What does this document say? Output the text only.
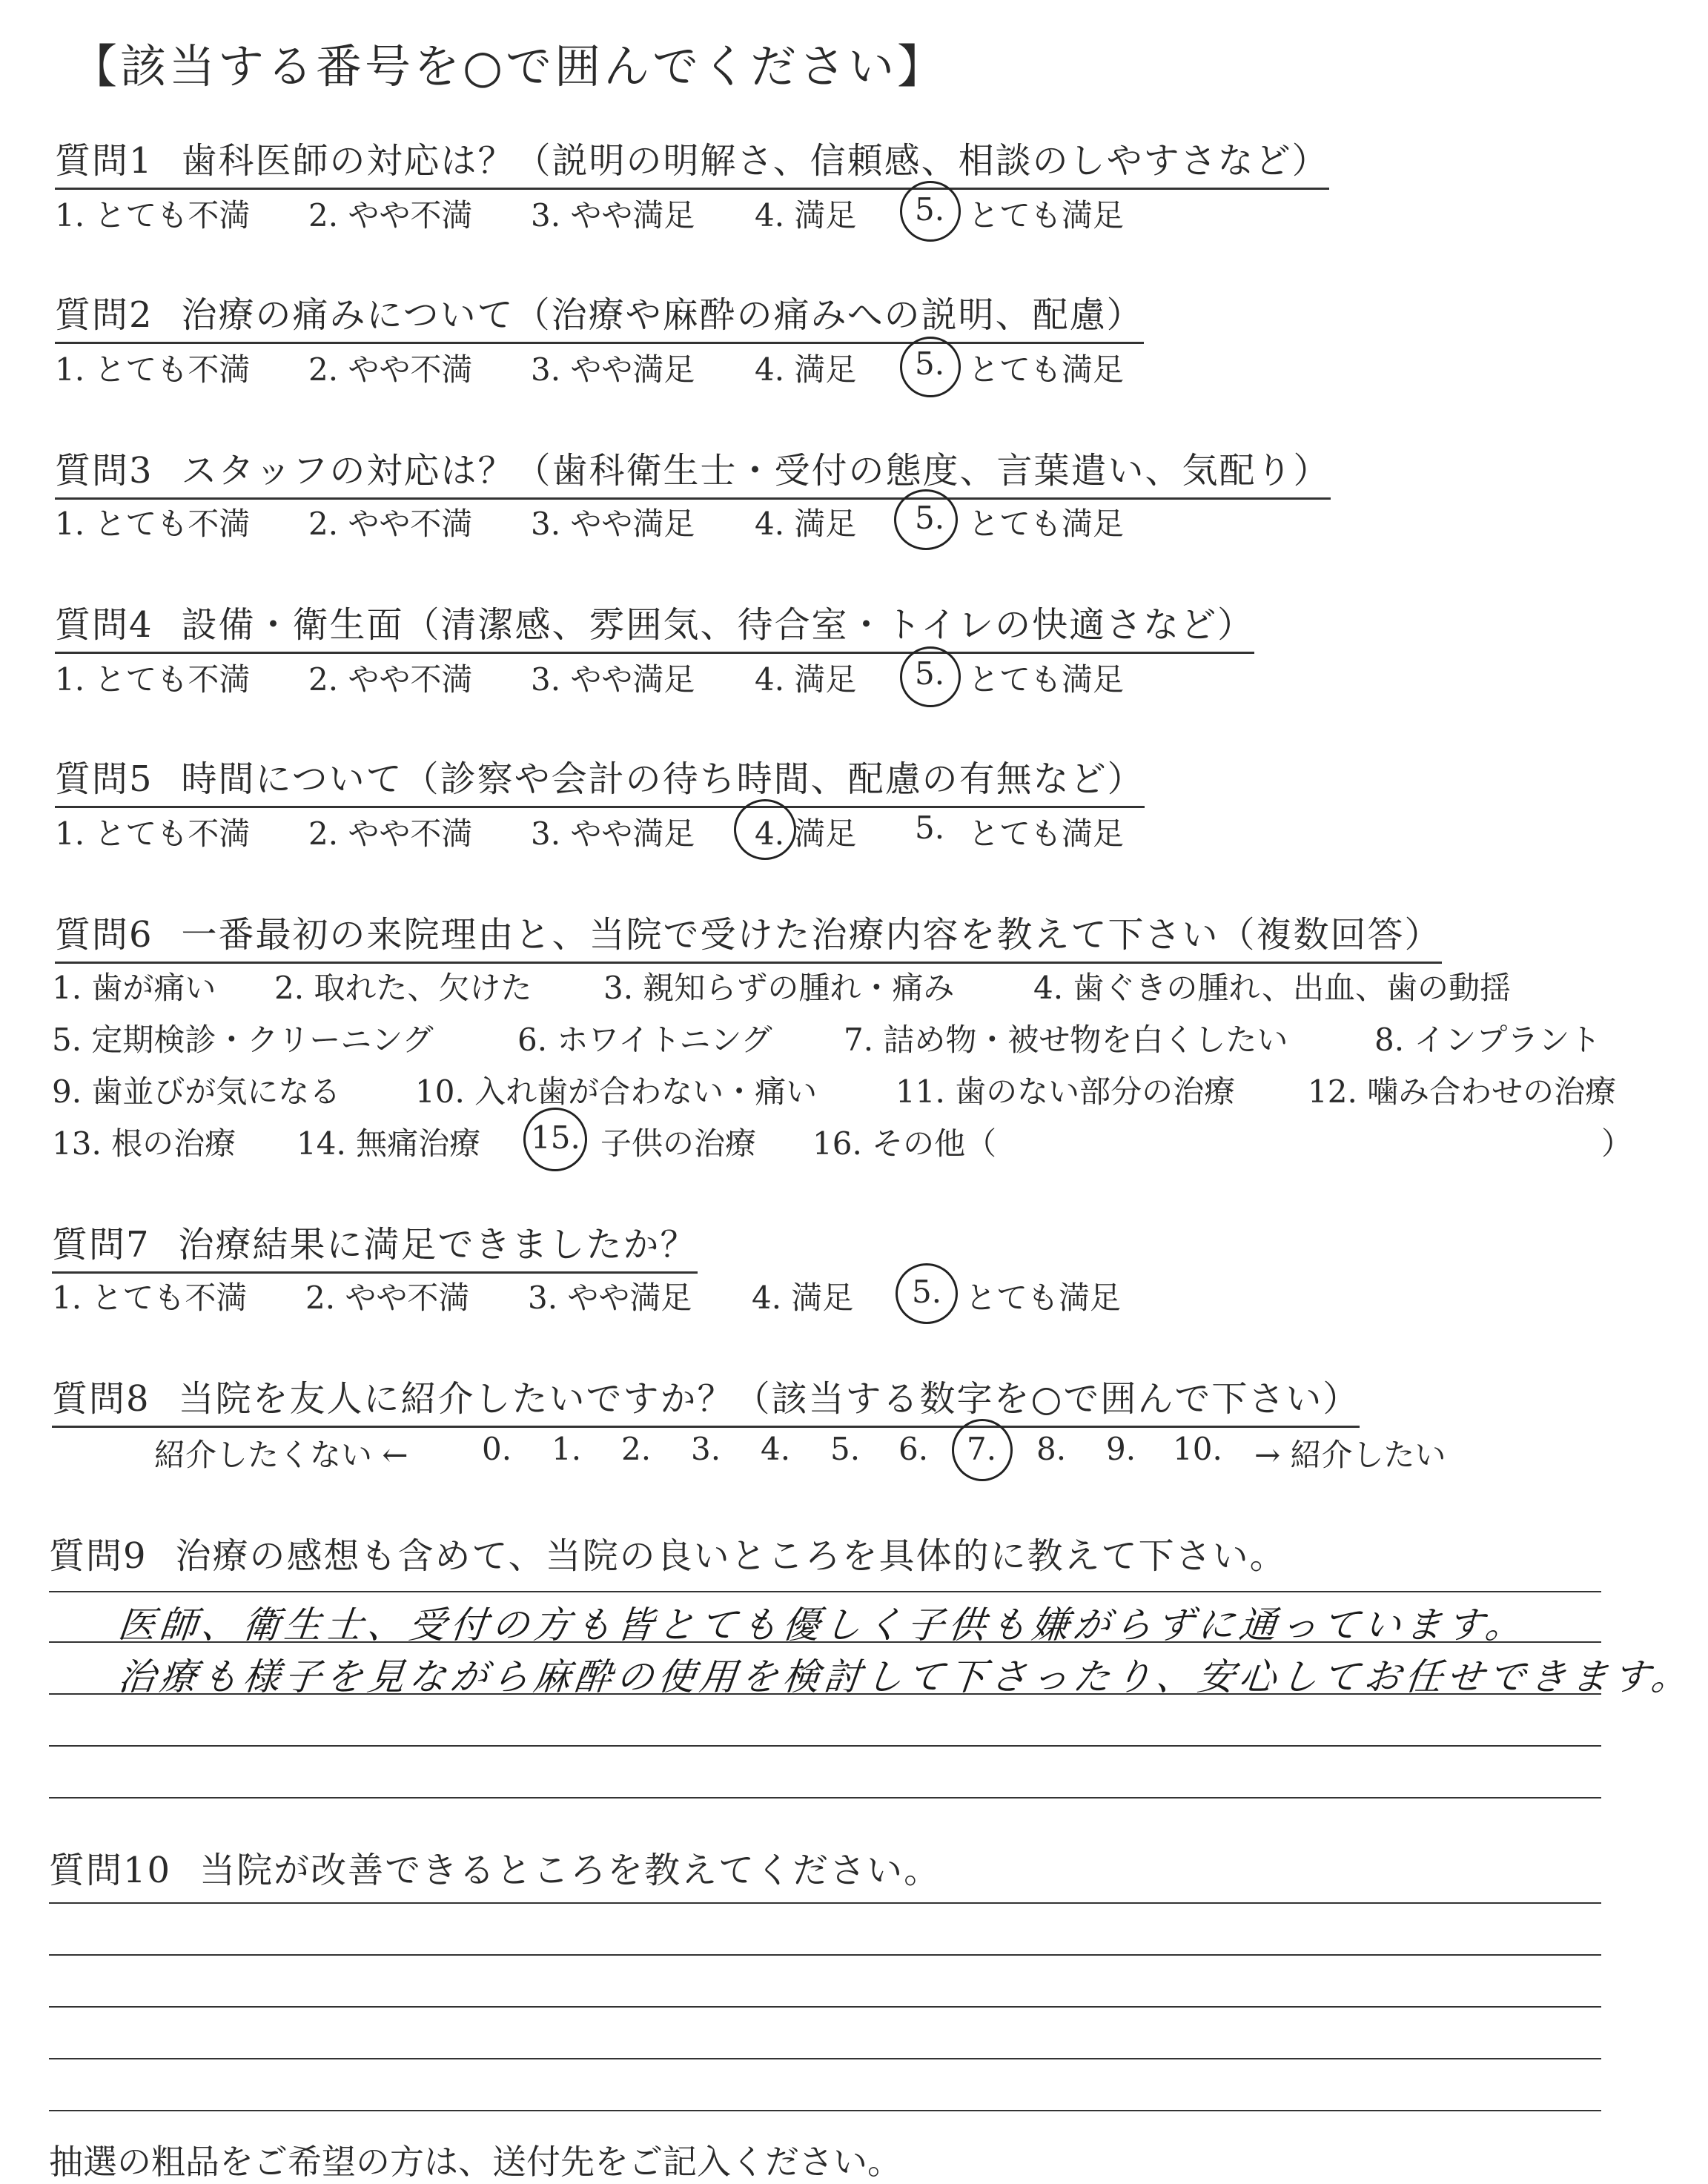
【該当する番号を○で囲んでください】
質問1 歯科医師の対応は？（説明の明解さ、信頼感、相談のしやすさなど）
1. とても不満 2. やや不満 3. やや満足 4. 満足 5. とても満足
質問2 治療の痛みについて（治療や麻酔の痛みへの説明、配慮）
1. とても不満 2. やや不満 3. やや満足 4. 満足 5. とても満足
質問3 スタッフの対応は？（歯科衛生士・受付の態度、言葉遣い、気配り）
1. とても不満 2. やや不満 3. やや満足 4. 満足 5. とても満足
質問4 設備・衛生面（清潔感、雰囲気、待合室・トイレの快適さなど）
1. とても不満 2. やや不満 3. やや満足 4. 満足 5. とても満足
質問5 時間について（診察や会計の待ち時間、配慮の有無など）
1. とても不満 2. やや不満 3. やや満足 4. 満足 5. とても満足
質問6 一番最初の来院理由と、当院で受けた治療内容を教えて下さい（複数回答）
1. 歯が痛い 2. 取れた、欠けた 3. 親知らずの腫れ・痛み	4. 歯ぐきの腫れ、出血、歯の動揺
5. 定期検診・クリーニング	6. ホワイトニング 7. 詰め物・被せ物を白くしたい	8. インプラント
9. 歯並びが気になる 10. 入れ歯が合わない・痛い	11. 歯のない部分の治療 12. 噛み合わせの治療
13. 根の治療 14. 無痛治療 15. 子供の治療 16. その他（	）
質問7 治療結果に満足できましたか？
1. とても不満 2. やや不満 3. やや満足 4. 満足 5. とても満足
質問8 当院を友人に紹介したいですか？（該当する数字を○で囲んで下さい）
紹介したくない ← 0. 1. 2. 3. 4. 5. 6. 7. 8. 9. 10. → 紹介したい
質問9 治療の感想も含めて、当院の良いところを具体的に教えて下さい。
医師、衛生士、受付の方も皆とても優しく子供も嫌がらずに通っています。
治療も様子を見ながら麻酔の使用を検討して下さったり、安心してお任せできます。
質問10 当院が改善できるところを教えてください。
抽選の粗品をご希望の方は、送付先をご記入ください。
